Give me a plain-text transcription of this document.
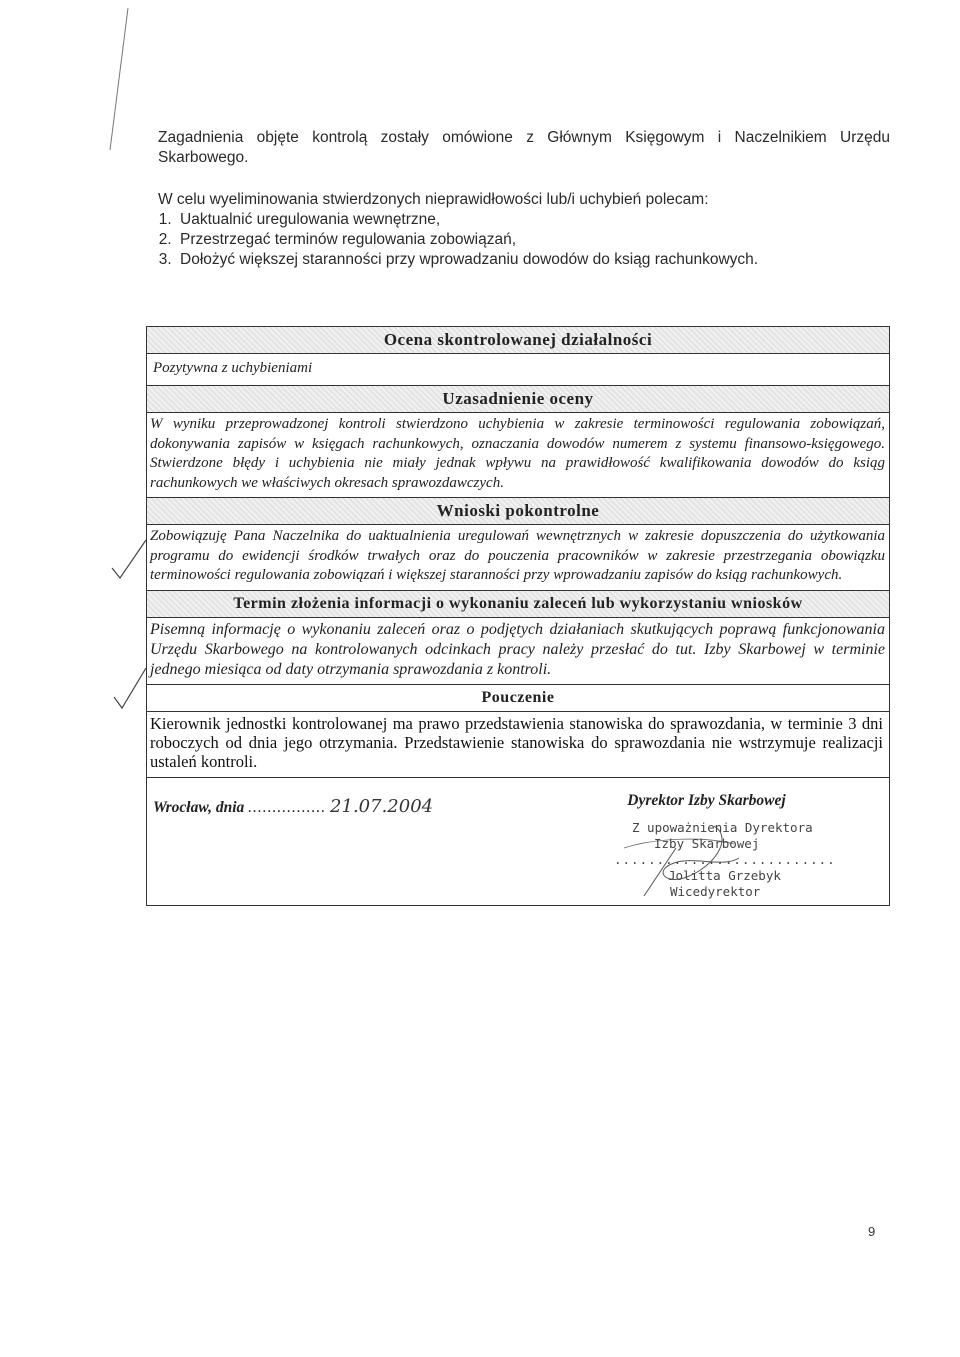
Zagadnienia objęte kontrolą zostały omówione z Głównym Księgowym i Naczelnikiem Urzędu Skarbowego.

W celu wyeliminowania stwierdzonych nieprawidłowości lub/i uchybień polecam:

1. Uaktualnić uregulowania wewnętrzne,
2. Przestrzegać terminów regulowania zobowiązań,
3. Dołożyć większej staranności przy wprowadzaniu dowodów do ksiąg rachunkowych.
Ocena skontrolowanej działalności
Pozytywna z uchybieniami
Uzasadnienie oceny
W wyniku przeprowadzonej kontroli stwierdzono uchybienia w zakresie terminowości regulowania zobowiązań, dokonywania zapisów w księgach rachunkowych, oznaczania dowodów numerem z systemu finansowo-księgowego. Stwierdzone błędy i uchybienia nie miały jednak wpływu na prawidłowość kwalifikowania dowodów do ksiąg rachunkowych we właściwych okresach sprawozdawczych.
Wnioski pokontrolne
Zobowiązuję Pana Naczelnika do uaktualnienia uregulowań wewnętrznych w zakresie dopuszczenia do użytkowania programu do ewidencji środków trwałych oraz do pouczenia pracowników w zakresie przestrzegania obowiązku terminowości regulowania zobowiązań i większej staranności przy wprowadzaniu zapisów do ksiąg rachunkowych.
Termin złożenia informacji o wykonaniu zaleceń lub wykorzystaniu wniosków
Pisemną informację o wykonaniu zaleceń oraz o podjętych działaniach skutkujących poprawą funkcjonowania Urzędu Skarbowego na kontrolowanych odcinkach pracy należy przesłać do tut. Izby Skarbowej w terminie jednego miesiąca od daty otrzymania sprawozdania z kontroli.
Pouczenie
Kierownik jednostki kontrolowanej ma prawo przedstawienia stanowiska do sprawozdania, w terminie 3 dni roboczych od dnia jego otrzymania. Przedstawienie stanowiska do sprawozdania nie wstrzymuje realizacji ustaleń kontroli.
Wrocław, dnia ................ 21.07.2004	Dyrektor Izby Skarbowej
Z upoważnienia Dyrektora
Izby Skarbowej
..........................
Jolitta Grzebyk
Wicedyrektor
9
